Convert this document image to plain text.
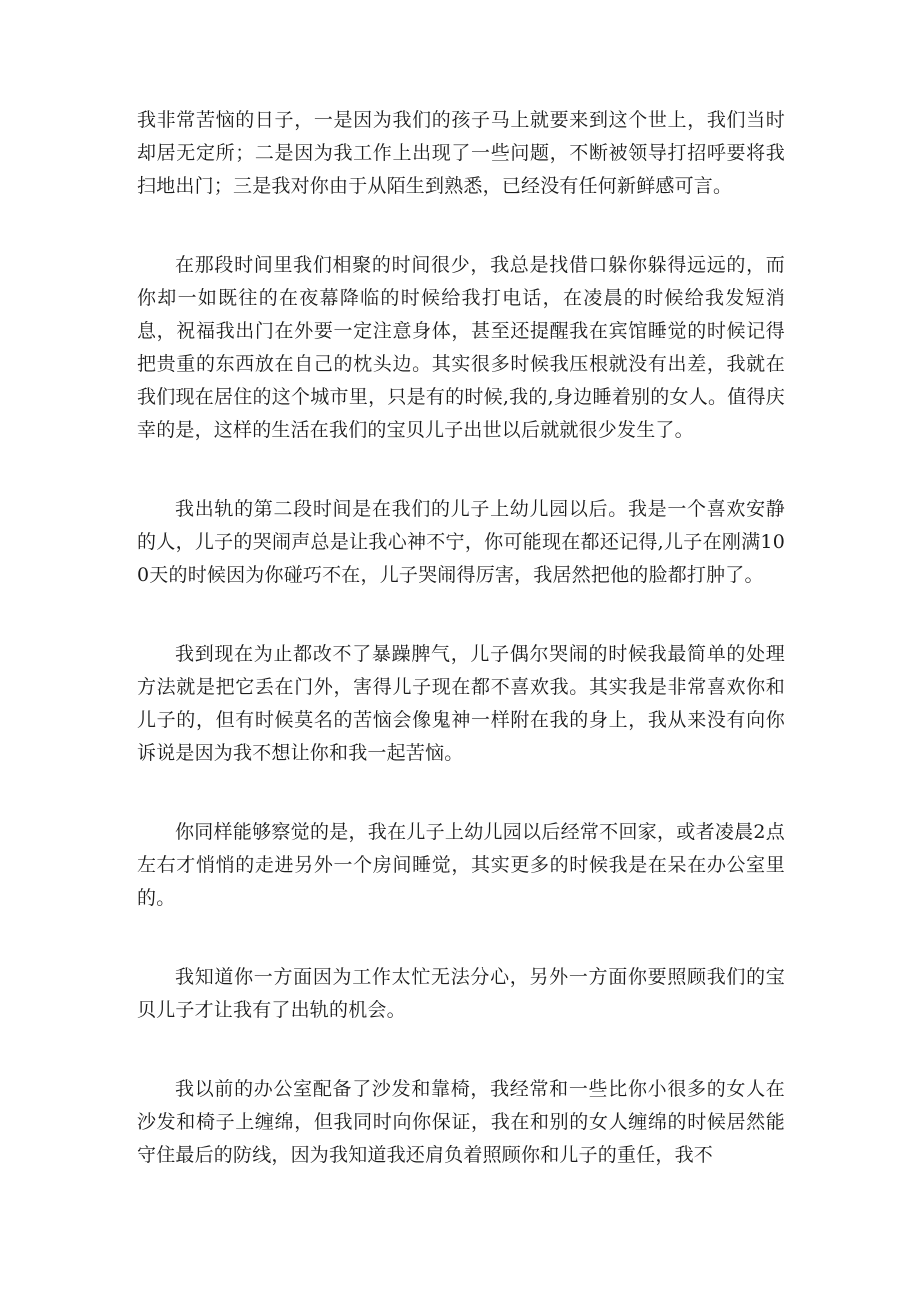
我非常苦恼的日子，一是因为我们的孩子马上就要来到这个世上，我们当时却居无定所；二是因为我工作上出现了一些问题，不断被领导打招呼要将我扫地出门；三是我对你由于从陌生到熟悉，已经没有任何新鲜感可言。

在那段时间里我们相聚的时间很少，我总是找借口躲你躲得远远的，而你却一如既往的在夜幕降临的时候给我打电话，在凌晨的时候给我发短消息，祝福我出门在外要一定注意身体，甚至还提醒我在宾馆睡觉的时候记得把贵重的东西放在自己的枕头边。其实很多时候我压根就没有出差，我就在我们现在居住的这个城市里，只是有的时候,我的,身边睡着别的女人。值得庆幸的是，这样的生活在我们的宝贝儿子出世以后就就很少发生了。

我出轨的第二段时间是在我们的儿子上幼儿园以后。我是一个喜欢安静的人，儿子的哭闹声总是让我心神不宁，你可能现在都还记得,儿子在刚满100天的时候因为你碰巧不在，儿子哭闹得厉害，我居然把他的脸都打肿了。

我到现在为止都改不了暴躁脾气，儿子偶尔哭闹的时候我最简单的处理方法就是把它丢在门外，害得儿子现在都不喜欢我。其实我是非常喜欢你和儿子的，但有时候莫名的苦恼会像鬼神一样附在我的身上，我从来没有向你诉说是因为我不想让你和我一起苦恼。

你同样能够察觉的是，我在儿子上幼儿园以后经常不回家，或者凌晨2点左右才悄悄的走进另外一个房间睡觉，其实更多的时候我是在呆在办公室里的。

我知道你一方面因为工作太忙无法分心，另外一方面你要照顾我们的宝贝儿子才让我有了出轨的机会。

我以前的办公室配备了沙发和靠椅，我经常和一些比你小很多的女人在沙发和椅子上缠绵，但我同时向你保证，我在和别的女人缠绵的时候居然能守住最后的防线，因为我知道我还肩负着照顾你和儿子的重任，我不
